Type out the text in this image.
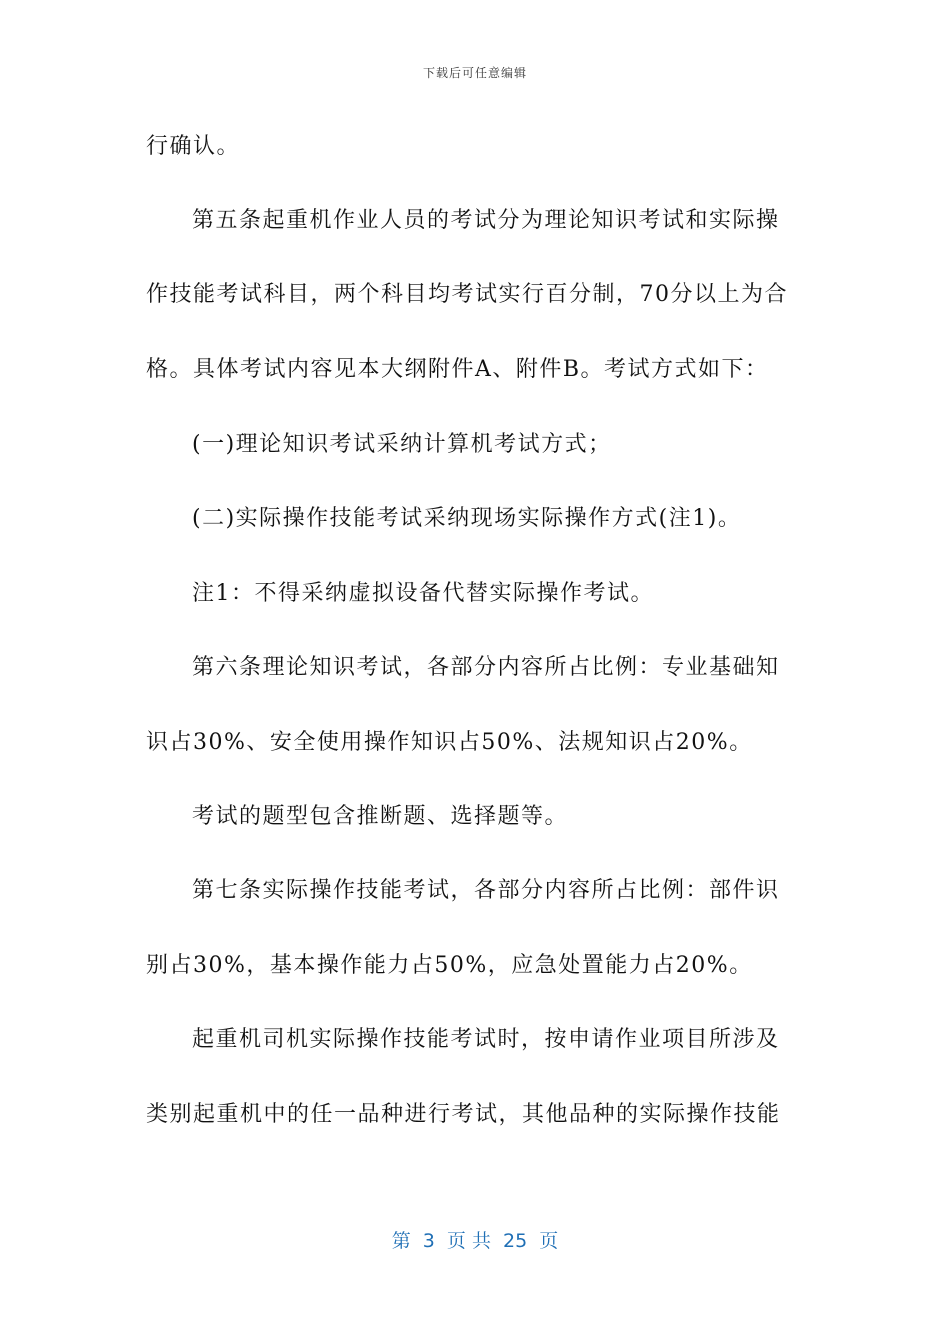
下载后可任意编辑
行确认。
第五条起重机作业人员的考试分为理论知识考试和实际操
作技能考试科目，两个科目均考试实行百分制，70分以上为合
格。具体考试内容见本大纲附件A、附件B。考试方式如下：
(一)理论知识考试采纳计算机考试方式；
(二)实际操作技能考试采纳现场实际操作方式(注1)。
注1：不得采纳虚拟设备代替实际操作考试。
第六条理论知识考试，各部分内容所占比例：专业基础知
识占30%、安全使用操作知识占50%、法规知识占20%。
考试的题型包含推断题、选择题等。
第七条实际操作技能考试，各部分内容所占比例：部件识
别占30%，基本操作能力占50%，应急处置能力占20%。
起重机司机实际操作技能考试时，按申请作业项目所涉及
类别起重机中的任一品种进行考试，其他品种的实际操作技能
第  3  页 共  25  页
